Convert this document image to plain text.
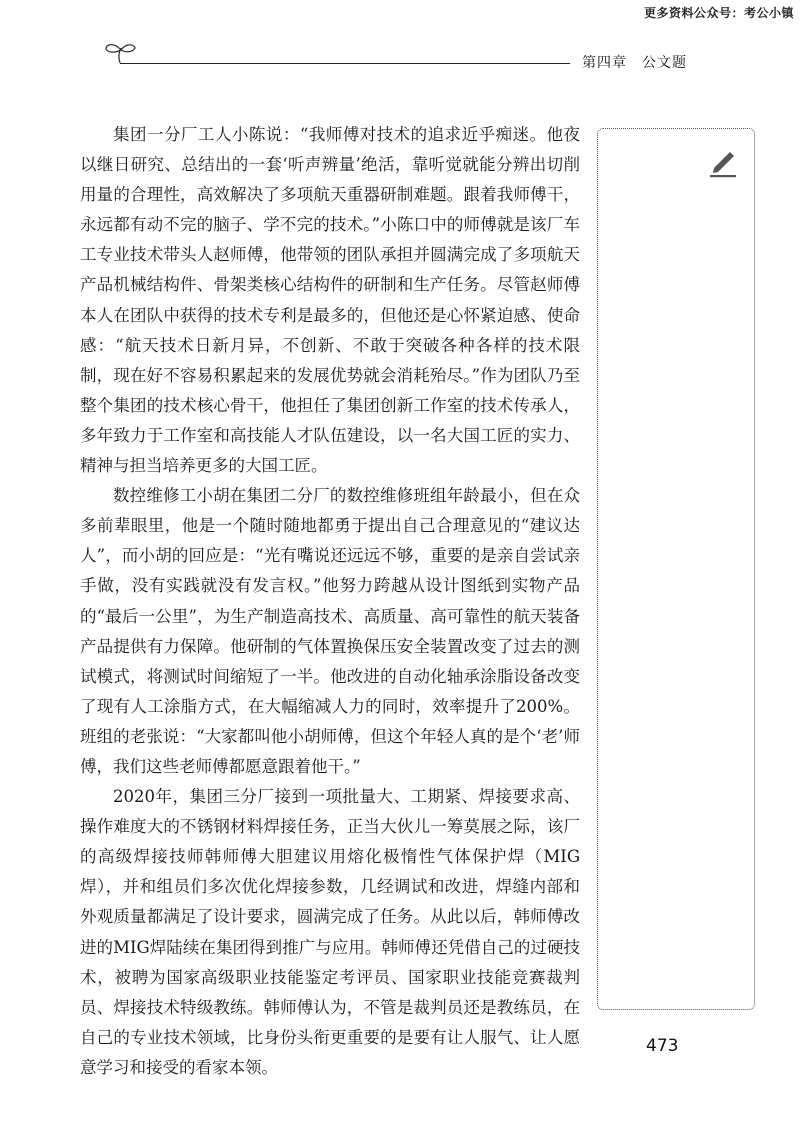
更多资料公众号：考公小镇
第四章　公文题

集团一分厂工人小陈说：“我师傅对技术的追求近乎痴迷。他夜以继日研究、总结出的一套‘听声辨量’绝活，靠听觉就能分辨出切削用量的合理性，高效解决了多项航天重器研制难题。跟着我师傅干，永远都有动不完的脑子、学不完的技术。”小陈口中的师傅就是该厂车工专业技术带头人赵师傅，他带领的团队承担并圆满完成了多项航天产品机械结构件、骨架类核心结构件的研制和生产任务。尽管赵师傅本人在团队中获得的技术专利是最多的，但他还是心怀紧迫感、使命感：“航天技术日新月异，不创新、不敢于突破各种各样的技术限制，现在好不容易积累起来的发展优势就会消耗殆尽。”作为团队乃至整个集团的技术核心骨干，他担任了集团创新工作室的技术传承人，多年致力于工作室和高技能人才队伍建设，以一名大国工匠的实力、精神与担当培养更多的大国工匠。

数控维修工小胡在集团二分厂的数控维修班组年龄最小，但在众多前辈眼里，他是一个随时随地都勇于提出自己合理意见的“建议达人”，而小胡的回应是：“光有嘴说还远远不够，重要的是亲自尝试亲手做，没有实践就没有发言权。”他努力跨越从设计图纸到实物产品的“最后一公里”，为生产制造高技术、高质量、高可靠性的航天装备产品提供有力保障。他研制的气体置换保压安全装置改变了过去的测试模式，将测试时间缩短了一半。他改进的自动化轴承涂脂设备改变了现有人工涂脂方式，在大幅缩减人力的同时，效率提升了200%。班组的老张说：“大家都叫他小胡师傅，但这个年轻人真的是个‘老’师傅，我们这些老师傅都愿意跟着他干。”

2020年，集团三分厂接到一项批量大、工期紧、焊接要求高、操作难度大的不锈钢材料焊接任务，正当大伙儿一筹莫展之际，该厂的高级焊接技师韩师傅大胆建议用熔化极惰性气体保护焊（MIG焊），并和组员们多次优化焊接参数，几经调试和改进，焊缝内部和外观质量都满足了设计要求，圆满完成了任务。从此以后，韩师傅改进的MIG焊陆续在集团得到推广与应用。韩师傅还凭借自己的过硬技术，被聘为国家高级职业技能鉴定考评员、国家职业技能竞赛裁判员、焊接技术特级教练。韩师傅认为，不管是裁判员还是教练员，在自己的专业技术领域，比身份头衔更重要的是要有让人服气、让人愿意学习和接受的看家本领。

473
